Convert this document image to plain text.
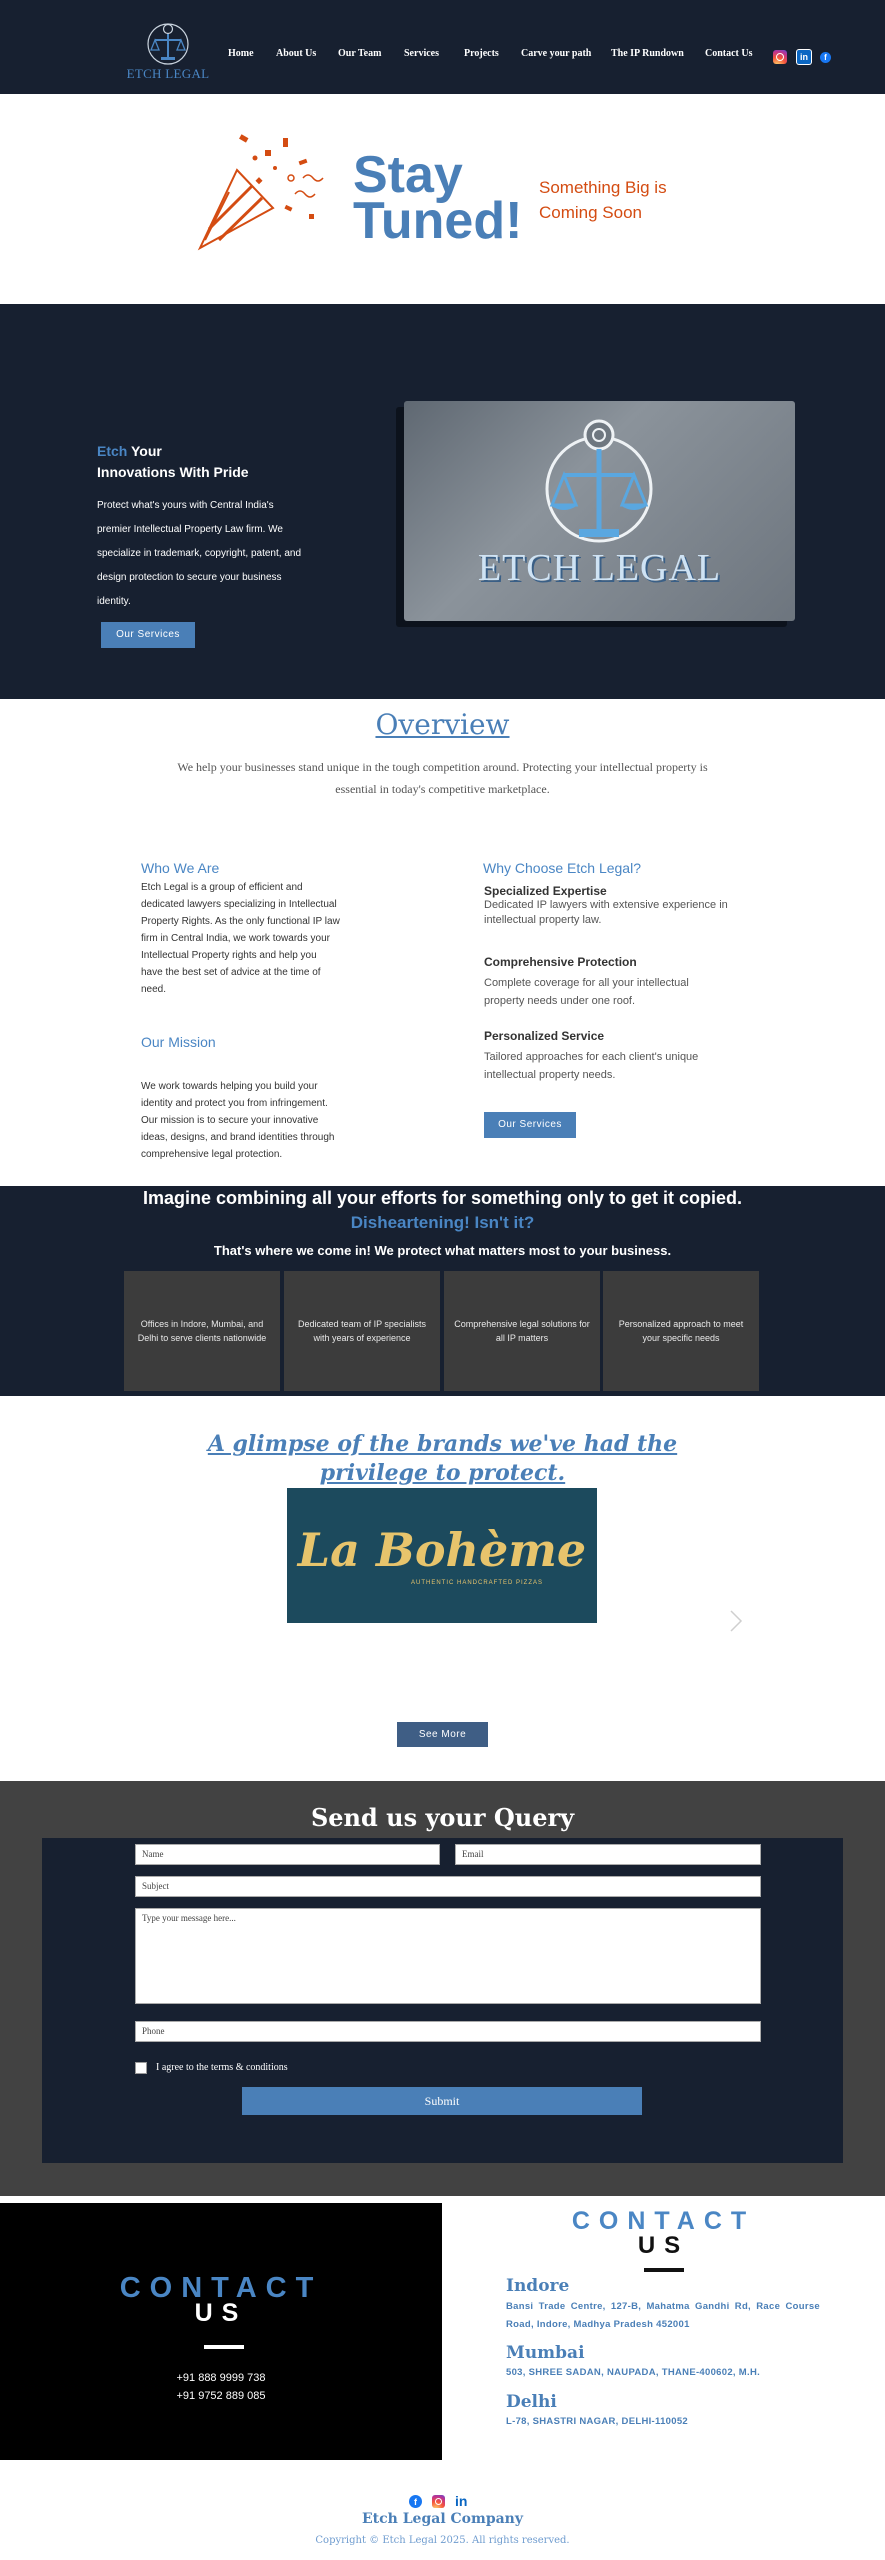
ETCH LEGAL
Home About Us Our Team Services	Projects Carve your path The IP Rundown Contact Us	in	f
Stay
Tuned!
Something Big is
Coming Soon
Etch Your
Innovations With Pride
Protect what's yours with Central India's premier Intellectual Property Law firm. We specialize in trademark, copyright, patent, and design protection to secure your business identity.
Our Services
ETCH LEGAL
Overview
We help your businesses stand unique in the tough competition around. Protecting your intellectual property is essential in today's competitive marketplace.
Who We Are
Etch Legal is a group of efficient and dedicated lawyers specializing in Intellectual Property Rights. As the only functional IP law firm in Central India, we work towards your Intellectual Property rights and help you have the best set of advice at the time of need.
Our Mission
We work towards helping you build your identity and protect you from infringement. Our mission is to secure your innovative ideas, designs, and brand identities through comprehensive legal protection.
Why Choose Etch Legal?
Specialized Expertise
Dedicated IP lawyers with extensive experience in intellectual property law.
Comprehensive Protection
Complete coverage for all your intellectual property needs under one roof.
Personalized Service
Tailored approaches for each client's unique intellectual property needs.
Our Services
Imagine combining all your efforts for something only to get it copied.
Disheartening! Isn't it?
That's where we come in! We protect what matters most to your business.
Offices in Indore, Mumbai, and Delhi to serve clients nationwide
Dedicated team of IP specialists with years of experience
Comprehensive legal solutions for all IP matters
Personalized approach to meet your specific needs
A glimpse of the brands we've had the privilege to protect.
La Bohème
AUTHENTIC HANDCRAFTED PIZZAS
See More
Send us your Query
Name	Email
Subject
Type your message here...
Phone
I agree to the terms & conditions
Submit
CONTACT
US
+91 888 9999 738
+91 9752 889 085
CONTACT
US
Indore
Bansi Trade Centre, 127-B, Mahatma Gandhi Rd, Race Course Road, Indore, Madhya Pradesh 452001
Mumbai
503, SHREE SADAN, NAUPADA, THANE-400602, M.H.
Delhi
L-78, SHASTRI NAGAR, DELHI-110052
f	in
Etch Legal Company
Copyright © Etch Legal 2025. All rights reserved.
